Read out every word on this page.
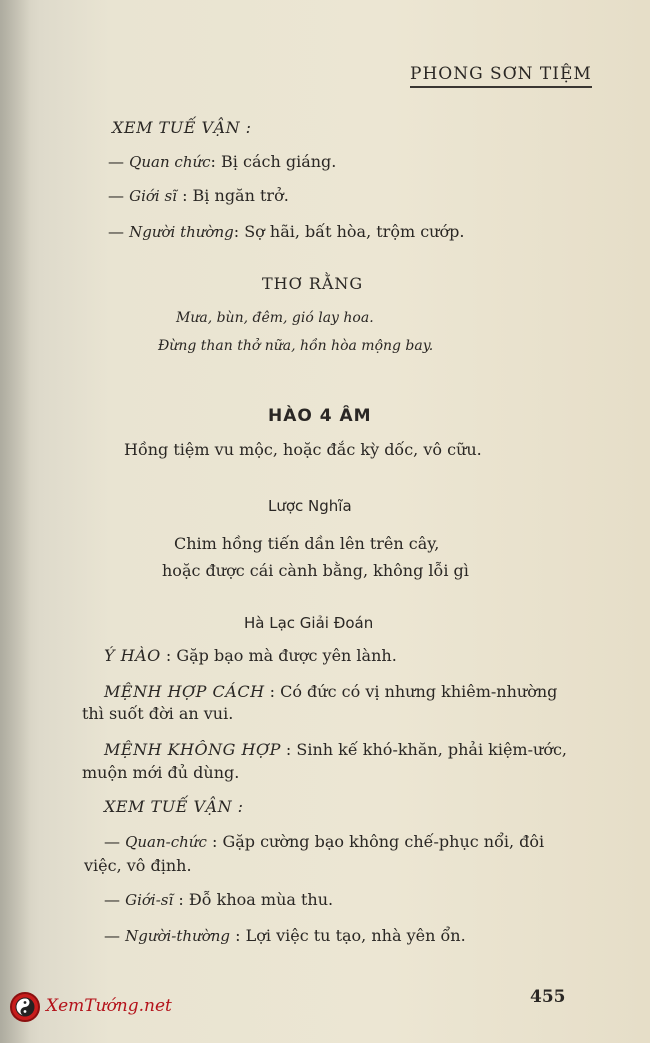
PHONG SƠN TIỆM
XEM TUẾ VẬN :
— Quan chức: Bị cách giáng.
— Giới sĩ : Bị ngăn trở.
— Người thường: Sợ hãi, bất hòa, trộm cướp.
THƠ RẰNG
Mưa, bùn, đêm, gió lay hoa.
Đừng than thở nữa, hồn hòa mộng bay.
HÀO 4 ÂM
Hồng tiệm vu mộc, hoặc đắc kỳ dốc, vô cữu.
Lược Nghĩa
Chim hồng tiến dần lên trên cây,
hoặc được cái cành bằng, không lỗi gì
Hà Lạc Giải Đoán
Ý HÀO : Gặp bạo mà được yên lành.
MỆNH HỢP CÁCH : Có đức có vị nhưng khiêm-nhường
thì suốt đời an vui.
MỆNH KHÔNG HỢP : Sinh kế khó-khăn, phải kiệm-ước,
muộn mới đủ dùng.
XEM TUẾ VẬN :
— Quan-chức : Gặp cường bạo không chế-phục nổi, đôi
việc, vô định.
— Giới-sĩ : Đỗ khoa mùa thu.
— Người-thường : Lợi việc tu tạo, nhà yên ổn.
455
XemTướng.net
